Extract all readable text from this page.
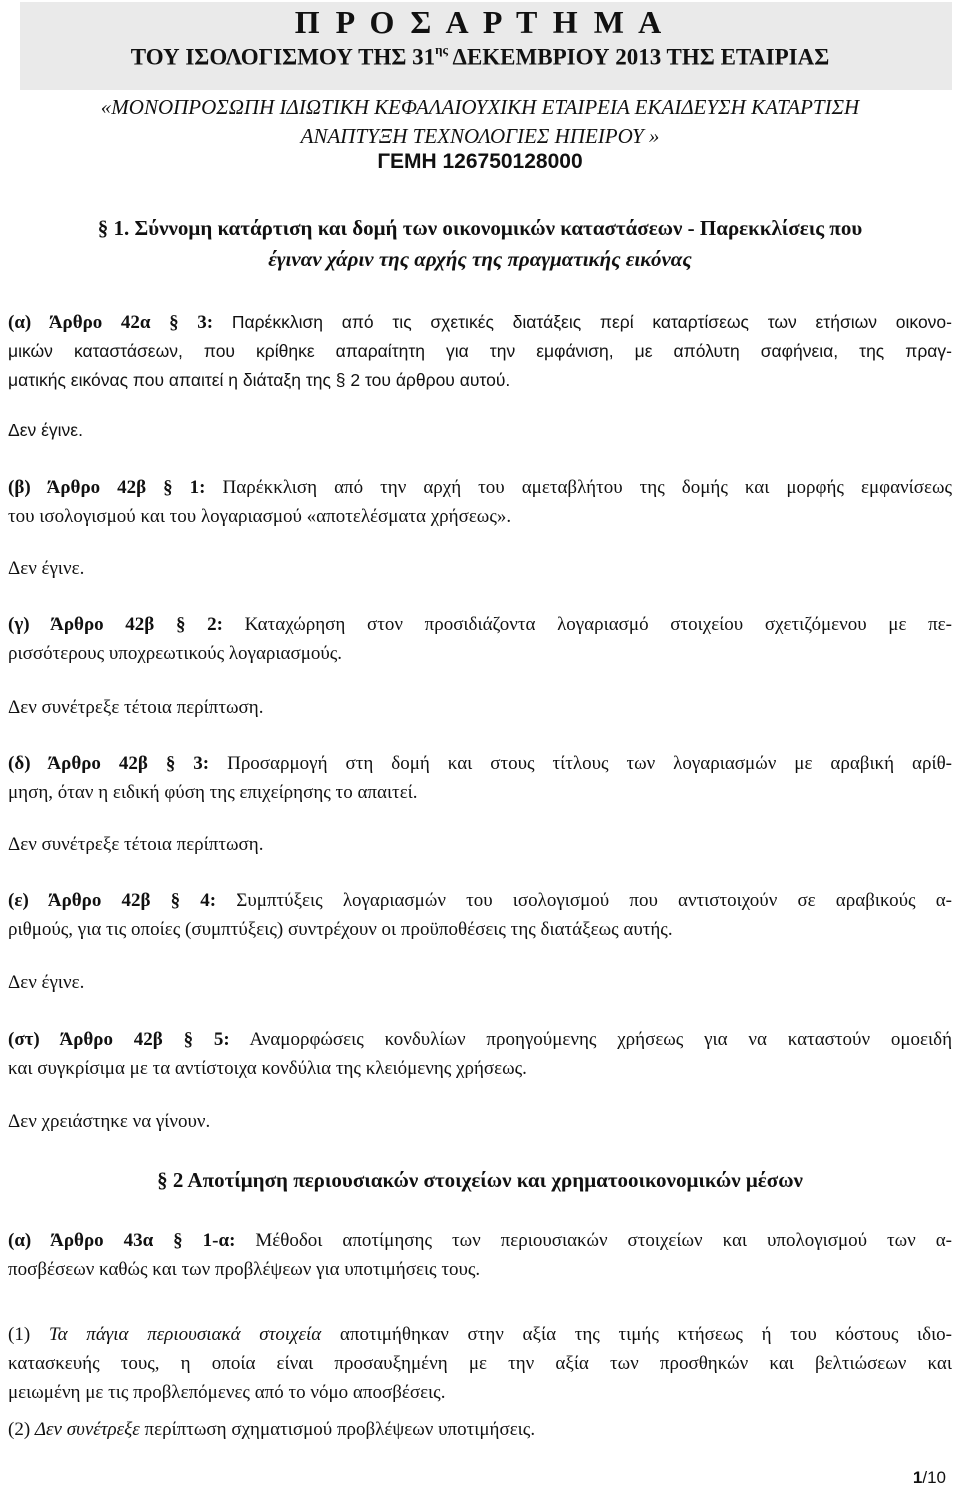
Π Ρ Ο Σ Α Ρ Τ Η Μ Α
ΤΟΥ ΙΣΟΛΟΓΙΣΜΟΥ ΤΗΣ $31^{\eta\varsigma}$ ΔΕΚΕΜΒΡΙΟΥ 2013 ΤΗΣ ΕΤΑΙΡΙΑΣ
«ΜΟΝΟΠΡΟΣΩΠΗ ΙΔΙΩΤΙΚΗ ΚΕΦΑΛΑΙΟΥΧΙΚΗ ΕΤΑΙΡΕΙΑ ΕΚΑΙΔΕΥΣΗ ΚΑΤΑΡΤΙΣΗ
ΑΝΑΠΤΥΞΗ ΤΕΧΝΟΛΟΓΙΕΣ ΗΠΕΙΡΟΥ »
ΓΕΜΗ 126750128000
§ 1. Σύννομη κατάρτιση και δομή των οικονομικών καταστάσεων - Παρεκκλίσεις που
έγιναν χάριν της αρχής της πραγματικής εικόνας
(α) Άρθρο 42α § 3: Παρέκκλιση από τις σχετικές διατάξεις περί καταρτίσεως των ετήσιων οικονο-
μικών καταστάσεων, που κρίθηκε απαραίτητη για την εμφάνιση, με απόλυτη σαφήνεια, της πραγ-
ματικής εικόνας που απαιτεί η διάταξη της § 2 του άρθρου αυτού.
Δεν έγινε.
(β) Άρθρο 42β § 1: Παρέκκλιση από την αρχή του αμεταβλήτου της δομής και μορφής εμφανίσεως
του ισολογισμού και του λογαριασμού «αποτελέσματα χρήσεως».
Δεν έγινε.
(γ) Άρθρο 42β § 2: Καταχώρηση στον προσιδιάζοντα λογαριασμό στοιχείου σχετιζόμενου με πε-
ρισσότερους υποχρεωτικούς λογαριασμούς.
Δεν συνέτρεξε τέτοια περίπτωση.
(δ) Άρθρο 42β § 3: Προσαρμογή στη δομή και στους τίτλους των λογαριασμών με αραβική αρίθ-
μηση, όταν η ειδική φύση της επιχείρησης το απαιτεί.
Δεν συνέτρεξε τέτοια περίπτωση.
(ε) Άρθρο 42β § 4: Συμπτύξεις λογαριασμών του ισολογισμού που αντιστοιχούν σε αραβικούς α-
ριθμούς, για τις οποίες (συμπτύξεις) συντρέχουν οι προϋποθέσεις της διατάξεως αυτής.
Δεν έγινε.
(στ) Άρθρο 42β § 5: Αναμορφώσεις κονδυλίων προηγούμενης χρήσεως για να καταστούν ομοειδή
και συγκρίσιμα με τα αντίστοιχα κονδύλια της κλειόμενης χρήσεως.
Δεν χρειάστηκε να γίνουν.
§ 2 Αποτίμηση περιουσιακών στοιχείων και χρηματοοικονομικών μέσων
(α) Άρθρο 43α § 1-α: Μέθοδοι αποτίμησης των περιουσιακών στοιχείων και υπολογισμού των α-
ποσβέσεων καθώς και των προβλέψεων για υποτιμήσεις τους.
(1) Τα πάγια περιουσιακά στοιχεία αποτιμήθηκαν στην αξία της τιμής κτήσεως ή του κόστους ιδιο-
κατασκευής τους, η οποία είναι προσαυξημένη με την αξία των προσθηκών και βελτιώσεων και
μειωμένη με τις προβλεπόμενες από το νόμο αποσβέσεις.
(2) Δεν συνέτρεξε περίπτωση σχηματισμού προβλέψεων υποτιμήσεις.
1/10
